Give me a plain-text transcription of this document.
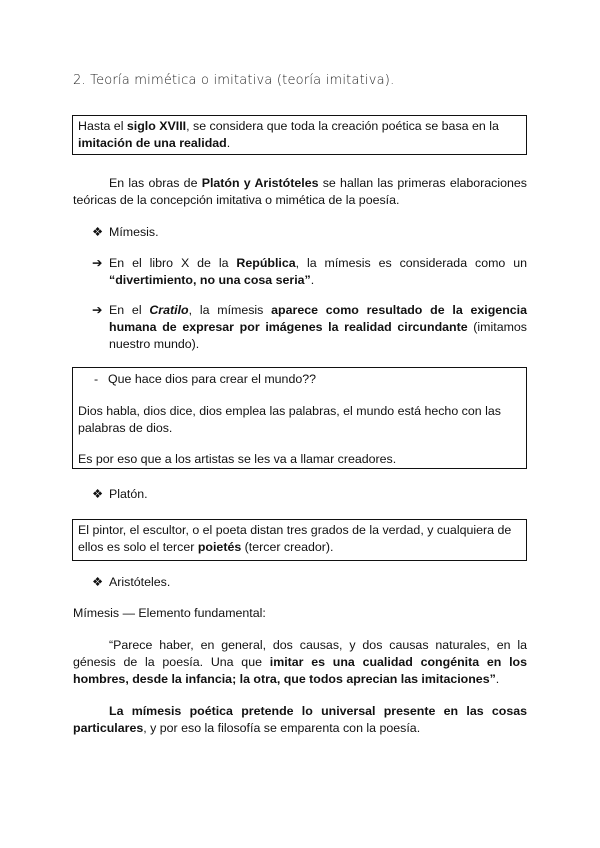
2. Teoría mimética o imitativa (teoría imitativa).
Hasta el siglo XVIII, se considera que toda la creación poética se basa en la imitación de una realidad.
En las obras de Platón y Aristóteles se hallan las primeras elaboraciones teóricas de la concepción imitativa o mimética de la poesía.
❖ Mímesis.
➔ En el libro X de la República, la mímesis es considerada como un “divertimiento, no una cosa seria”.
➔ En el Cratilo, la mímesis aparece como resultado de la exigencia humana de expresar por imágenes la realidad circundante (imitamos nuestro mundo).
- Que hace dios para crear el mundo??
Dios habla, dios dice, dios emplea las palabras, el mundo está hecho con las palabras de dios.
Es por eso que a los artistas se les va a llamar creadores.
❖ Platón.
El pintor, el escultor, o el poeta distan tres grados de la verdad, y cualquiera de ellos es solo el tercer poietés (tercer creador).
❖ Aristóteles.
Mímesis — Elemento fundamental:
“Parece haber, en general, dos causas, y dos causas naturales, en la génesis de la poesía. Una que imitar es una cualidad congénita en los hombres, desde la infancia; la otra, que todos aprecian las imitaciones”.
La mímesis poética pretende lo universal presente en las cosas particulares, y por eso la filosofía se emparenta con la poesía.
